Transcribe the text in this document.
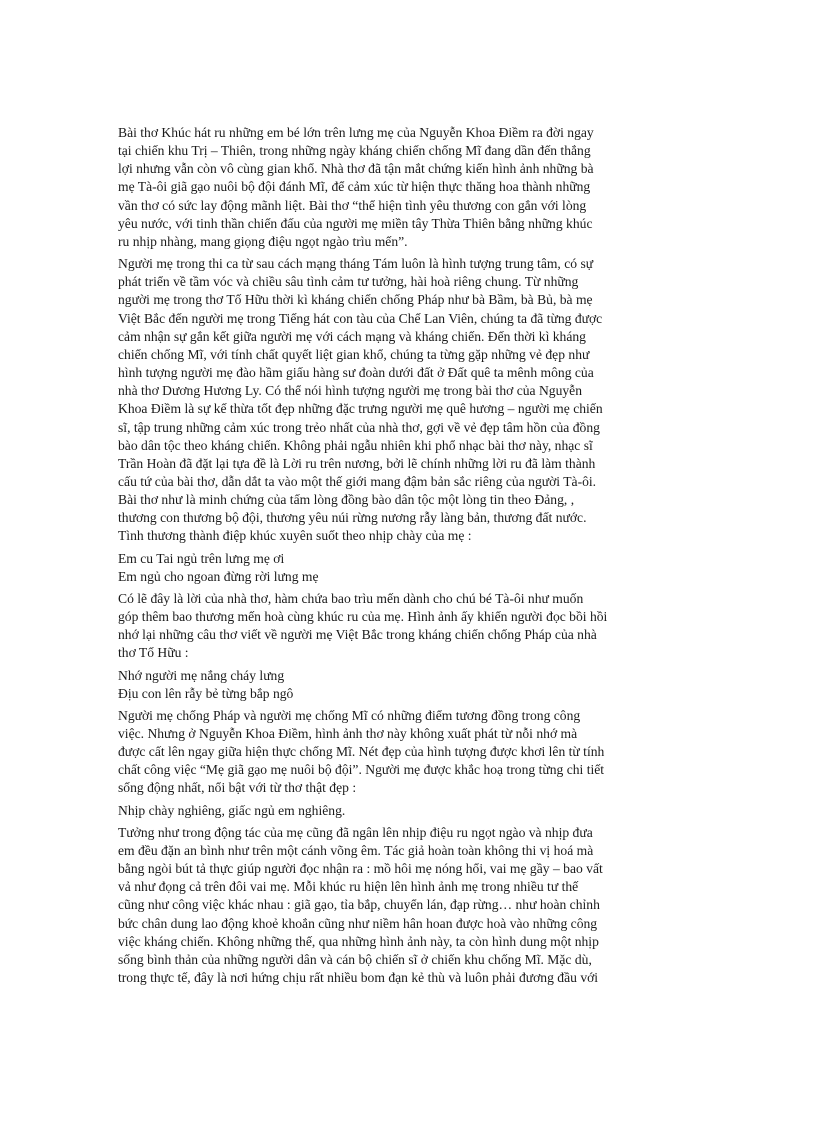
Bài thơ Khúc hát ru những em bé lớn trên lưng mẹ của Nguyễn Khoa Điềm ra đời ngay
tại chiến khu Trị – Thiên, trong những ngày kháng chiến chống Mĩ đang dần đến thắng
lợi nhưng vẫn còn vô cùng gian khổ. Nhà thơ đã tận mắt chứng kiến hình ảnh những bà
mẹ Tà-ôi giã gạo nuôi bộ đội đánh Mĩ, để cảm xúc từ hiện thực thăng hoa thành những
vần thơ có sức lay động mãnh liệt. Bài thơ “thể hiện tình yêu thương con gắn với lòng
yêu nước, với tinh thần chiến đấu của người mẹ miền tây Thừa Thiên bằng những khúc
ru nhịp nhàng, mang giọng điệu ngọt ngào trìu mến”.
Người mẹ trong thi ca từ sau cách mạng tháng Tám luôn là hình tượng trung tâm, có sự
phát triển về tầm vóc và chiều sâu tình cảm tư tưởng, hài hoà riêng chung. Từ những
người mẹ trong thơ Tố Hữu thời kì kháng chiến chống Pháp như bà Bầm, bà Bủ, bà mẹ
Việt Bắc đến người mẹ trong Tiếng hát con tàu của Chế Lan Viên, chúng ta đã từng được
cảm nhận sự gắn kết giữa người mẹ với cách mạng và kháng chiến. Đến thời kì kháng
chiến chống Mĩ, với tính chất quyết liệt gian khổ, chúng ta từng gặp những vẻ đẹp như
hình tượng người mẹ đào hầm giấu hàng sư đoàn dưới đất ở Đất quê ta mênh mông của
nhà thơ Dương Hương Ly. Có thể nói hình tượng người mẹ trong bài thơ của Nguyễn
Khoa Điềm là sự kế thừa tốt đẹp những đặc trưng người mẹ quê hương – người mẹ chiến
sĩ, tập trung những cảm xúc trong trẻo nhất của nhà thơ, gợi về vẻ đẹp tâm hồn của đồng
bào dân tộc theo kháng chiến. Không phải ngẫu nhiên khi phổ nhạc bài thơ này, nhạc sĩ
Trần Hoàn đã đặt lại tựa đề là Lời ru trên nương, bởi lẽ chính những lời ru đã làm thành
cấu tứ của bài thơ, dẫn dắt ta vào một thế giới mang đậm bản sắc riêng của người Tà-ôi.
Bài thơ như là minh chứng của tấm lòng đồng bào dân tộc một lòng tin theo Đảng, ,
thương con thương bộ đội, thương yêu núi rừng nương rẫy làng bản, thương đất nước.
Tình thương thành điệp khúc xuyên suốt theo nhịp chày của mẹ :
Em cu Tai ngủ trên lưng mẹ ơi
Em ngủ cho ngoan đừng rời lưng mẹ
Có lẽ đây là lời của nhà thơ, hàm chứa bao trìu mến dành cho chú bé Tà-ôi như muốn
góp thêm bao thương mến hoà cùng khúc ru của mẹ. Hình ảnh ấy khiến người đọc bồi hồi
nhớ lại những câu thơ viết về người mẹ Việt Bắc trong kháng chiến chống Pháp của nhà
thơ Tố Hữu :
Nhớ người mẹ nắng cháy lưng
Địu con lên rẫy bẻ từng bắp ngô
Người mẹ chống Pháp và người mẹ chống Mĩ có những điểm tương đồng trong công
việc. Nhưng ở Nguyễn Khoa Điềm, hình ảnh thơ này không xuất phát từ nỗi nhớ mà
được cất lên ngay giữa hiện thực chống Mĩ. Nét đẹp của hình tượng được khơi lên từ tính
chất công việc “Mẹ giã gạo mẹ nuôi bộ đội”. Người mẹ được khắc hoạ trong từng chi tiết
sống động nhất, nổi bật với từ thơ thật đẹp :
Nhịp chày nghiêng, giấc ngủ em nghiêng.
Tưởng như trong động tác của mẹ cũng đã ngân lên nhịp điệu ru ngọt ngào và nhịp đưa
em đều đặn an bình như trên một cánh võng êm. Tác giả hoàn toàn không thi vị hoá mà
bằng ngòi bút tả thực giúp người đọc nhận ra : mồ hôi mẹ nóng hổi, vai mẹ gầy – bao vất
vả như đọng cả trên đôi vai mẹ. Mỗi khúc ru hiện lên hình ảnh mẹ trong nhiều tư thế
cũng như công việc khác nhau : giã gạo, tỉa bắp, chuyển lán, đạp rừng… như hoàn chỉnh
bức chân dung lao động khoẻ khoắn cũng như niềm hân hoan được hoà vào những công
việc kháng chiến. Không những thế, qua những hình ảnh này, ta còn hình dung một nhịp
sống bình thản của những người dân và cán bộ chiến sĩ ở chiến khu chống Mĩ. Mặc dù,
trong thực tế, đây là nơi hứng chịu rất nhiều bom đạn kẻ thù và luôn phải đương đầu với
